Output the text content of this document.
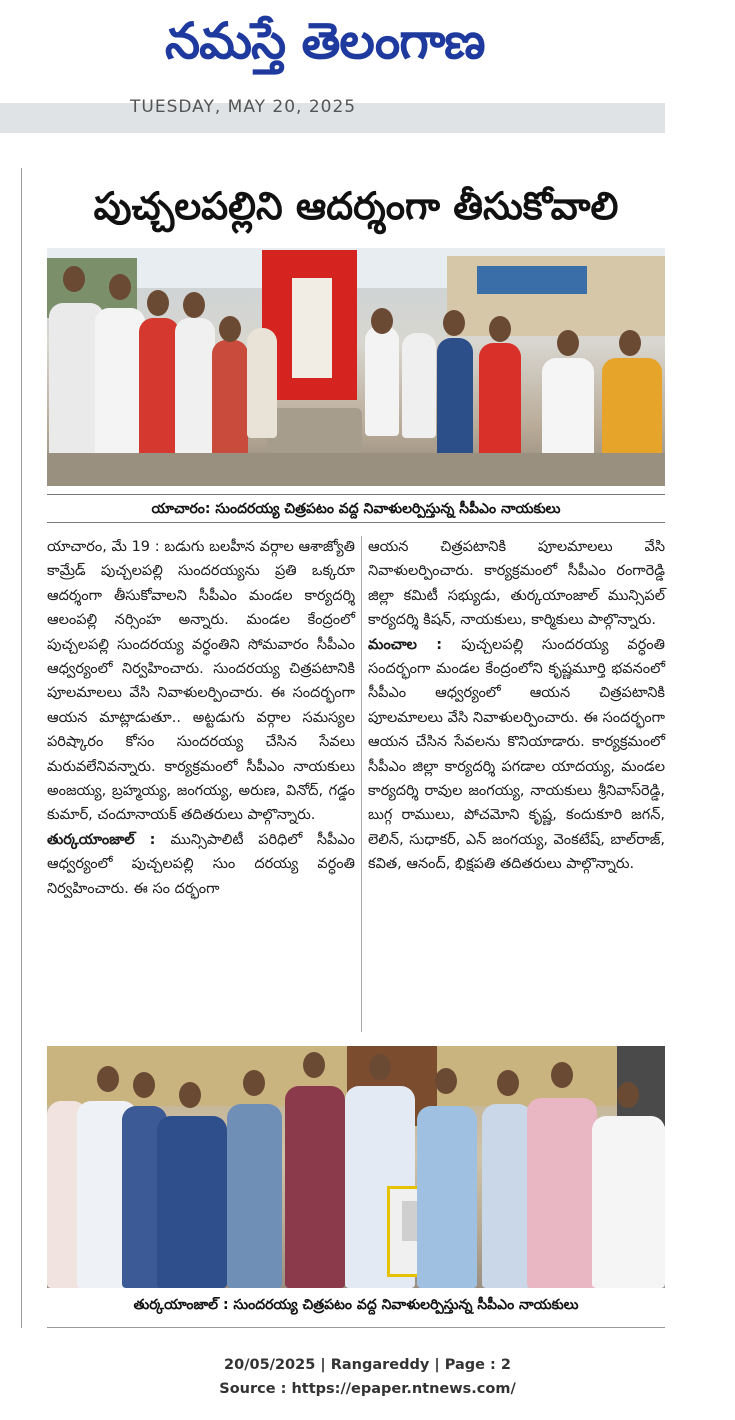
నమస్తే తెలంగాణ
TUESDAY, MAY 20, 2025
పుచ్చలపల్లిని ఆదర్శంగా తీసుకోవాలి
యాచారం: సుందరయ్య చిత్రపటం వద్ద నివాళులర్పిస్తున్న సీపీఎం నాయకులు

యాచారం, మే 19 : బడుగు బలహీన వర్గాల ఆశాజ్యోతి కామ్రేడ్ పుచ్చలపల్లి సుందరయ్యను ప్రతి ఒక్కరూ ఆదర్శంగా తీసుకోవాలని సీపీఎం మండల కార్యదర్శి ఆలంపల్లి నర్సింహ అన్నారు. మండల కేంద్రంలో పుచ్చలపల్లి సుందరయ్య వర్ధంతిని సోమవారం సీపీఎం ఆధ్వర్యంలో నిర్వహించారు. సుందరయ్య చిత్రపటానికి పూలమాలలు వేసి నివాళులర్పించారు. ఈ సందర్భంగా ఆయన మాట్లాడుతూ.. అట్టడుగు వర్గాల సమస్యల పరిష్కారం కోసం సుందరయ్య చేసిన సేవలు మరువలేనివన్నారు. కార్యక్రమంలో సీపీఎం నాయకులు అంజయ్య, బ్రహ్మయ్య, జంగయ్య, అరుణ, వినోద్, గడ్డం కుమార్, చందూనాయక్ తదితరులు పాల్గొన్నారు.

తుర్కయాంజాల్ : మున్సిపాలిటీ పరిధిలో సీపీఎం ఆధ్వర్యంలో పుచ్చలపల్లి సుం దరయ్య వర్ధంతి నిర్వహించారు. ఈ సం దర్భంగా

ఆయన చిత్రపటానికి పూలమాలలు వేసి నివాళులర్పించారు. కార్యక్రమంలో సీపీఎం రంగారెడ్డి జిల్లా కమిటీ సభ్యుడు, తుర్కయాంజాల్ మున్సిపల్ కార్యదర్శి కిషన్, నాయకులు, కార్మికులు పాల్గొన్నారు.

మంచాల : పుచ్చలపల్లి సుందరయ్య వర్ధంతి సందర్భంగా మండల కేంద్రంలోని కృష్ణమూర్తి భవనంలో సీపీఎం ఆధ్వర్యంలో ఆయన చిత్రపటానికి పూలమాలలు వేసి నివాళులర్పించారు. ఈ సందర్భంగా ఆయన చేసిన సేవలను కొనియాడారు. కార్యక్రమంలో సీపీఎం జిల్లా కార్యదర్శి పగడాల యాదయ్య, మండల కార్యదర్శి రావుల జంగయ్య, నాయకులు శ్రీనివాస్‌రెడ్డి, బుగ్గ రాములు, పోచమోని కృష్ణ, కందుకూరి జగన్, లెలిన్, సుధాకర్, ఎన్ జంగయ్య, వెంకటేష్, బాల్‌రాజ్, కవిత, ఆనంద్, భిక్షపతి తదితరులు పాల్గొన్నారు.

తుర్కయాంజాల్ : సుందరయ్య చిత్రపటం వద్ద నివాళులర్పిస్తున్న సీపీఎం నాయకులు
20/05/2025 | Rangareddy | Page : 2
Source : https://epaper.ntnews.com/
